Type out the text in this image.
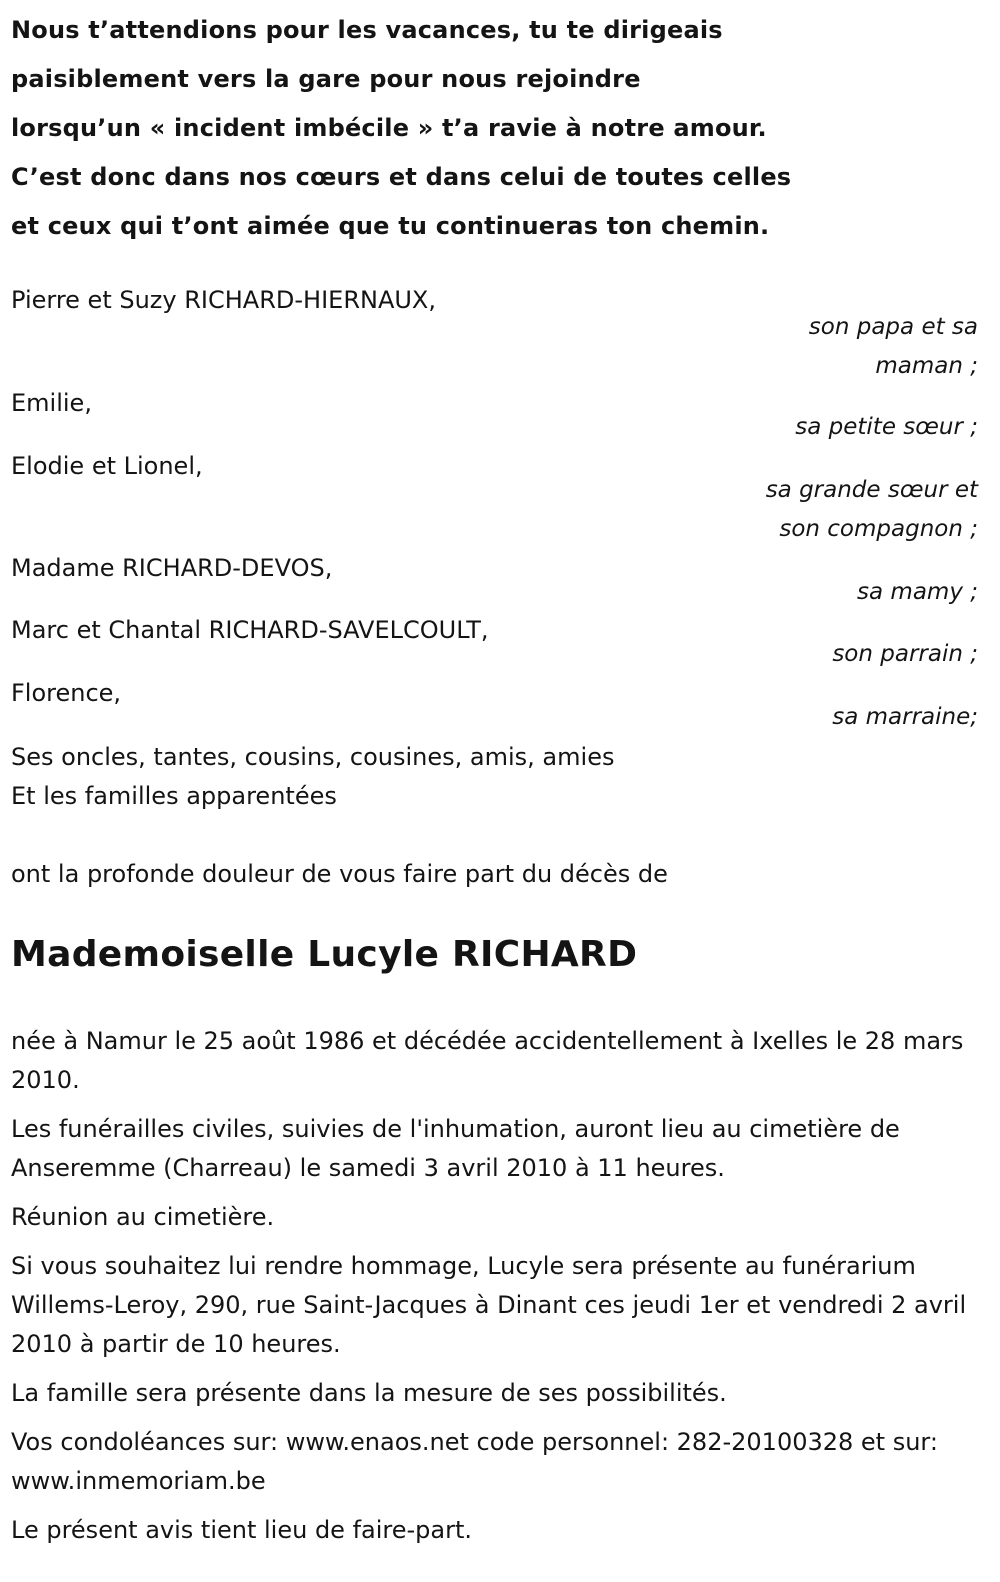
Nous t’attendions pour les vacances, tu te dirigeais
paisiblement vers la gare pour nous rejoindre
lorsqu’un « incident imbécile » t’a ravie à notre amour.
C’est donc dans nos cœurs et dans celui de toutes celles
et ceux qui t’ont aimée que tu continueras ton chemin.
Pierre et Suzy RICHARD-HIERNAUX,
son papa et sa maman ;
Emilie,
sa petite sœur ;
Elodie et Lionel,
sa grande sœur et son compagnon ;
Madame RICHARD-DEVOS,
sa mamy ;
Marc et Chantal RICHARD-SAVELCOULT,
son parrain ;
Florence,
sa marraine;
Ses oncles, tantes, cousins, cousines, amis, amies
Et les familles apparentées
ont la profonde douleur de vous faire part du décès de
Mademoiselle Lucyle RICHARD

née à Namur le 25 août 1986 et décédée accidentellement à Ixelles le 28 mars 2010.

Les funérailles civiles, suivies de l'inhumation, auront lieu au cimetière de Anseremme (Charreau) le samedi 3 avril 2010 à 11 heures.

Réunion au cimetière.

Si vous souhaitez lui rendre hommage, Lucyle sera présente au funérarium Willems-Leroy, 290, rue Saint-Jacques à Dinant ces jeudi 1er et vendredi 2 avril 2010 à partir de 10 heures.

La famille sera présente dans la mesure de ses possibilités.

Vos condoléances sur: www.enaos.net code personnel: 282-20100328 et sur: www.inmemoriam.be

Le présent avis tient lieu de faire-part.
